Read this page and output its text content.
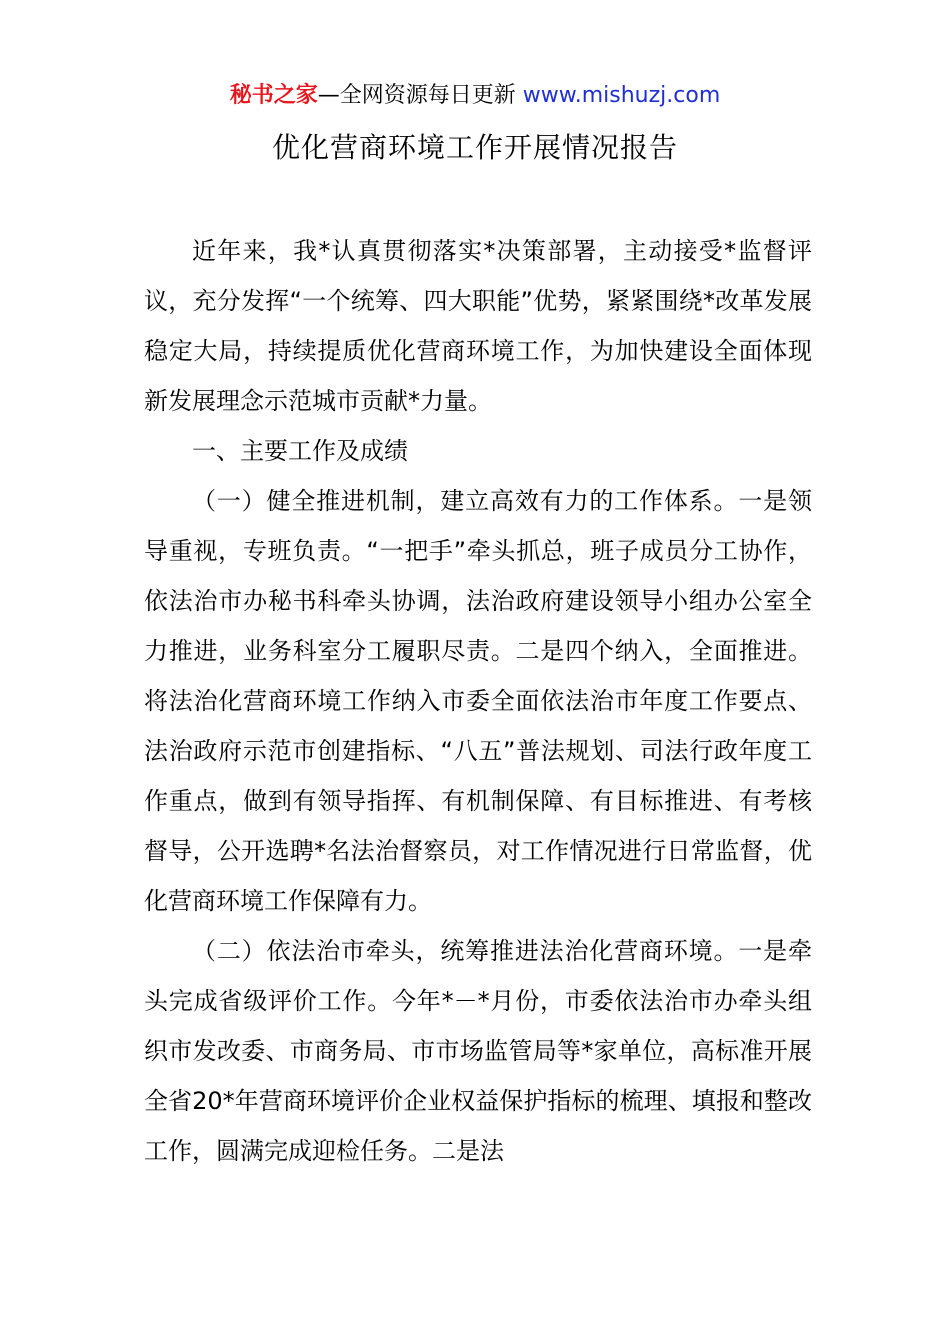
秘书之家—全网资源每日更新 www.mishuzj.com
优化营商环境工作开展情况报告

近年来，我*认真贯彻落实*决策部署，主动接受*监督评议，充分发挥“一个统筹、四大职能”优势，紧紧围绕*改革发展稳定大局，持续提质优化营商环境工作，为加快建设全面体现新发展理念示范城市贡献*力量。

一、主要工作及成绩

（一）健全推进机制，建立高效有力的工作体系。一是领导重视，专班负责。“一把手”牵头抓总，班子成员分工协作，依法治市办秘书科牵头协调，法治政府建设领导小组办公室全力推进，业务科室分工履职尽责。二是四个纳入，全面推进。将法治化营商环境工作纳入市委全面依法治市年度工作要点、法治政府示范市创建指标、“八五”普法规划、司法行政年度工作重点，做到有领导指挥、有机制保障、有目标推进、有考核督导，公开选聘*名法治督察员，对工作情况进行日常监督，优化营商环境工作保障有力。

（二）依法治市牵头，统筹推进法治化营商环境。一是牵头完成省级评价工作。今年*－*月份，市委依法治市办牵头组织市发改委、市商务局、市市场监管局等*家单位，高标准开展全省20*年营商环境评价企业权益保护指标的梳理、填报和整改工作，圆满完成迎检任务。二是法
